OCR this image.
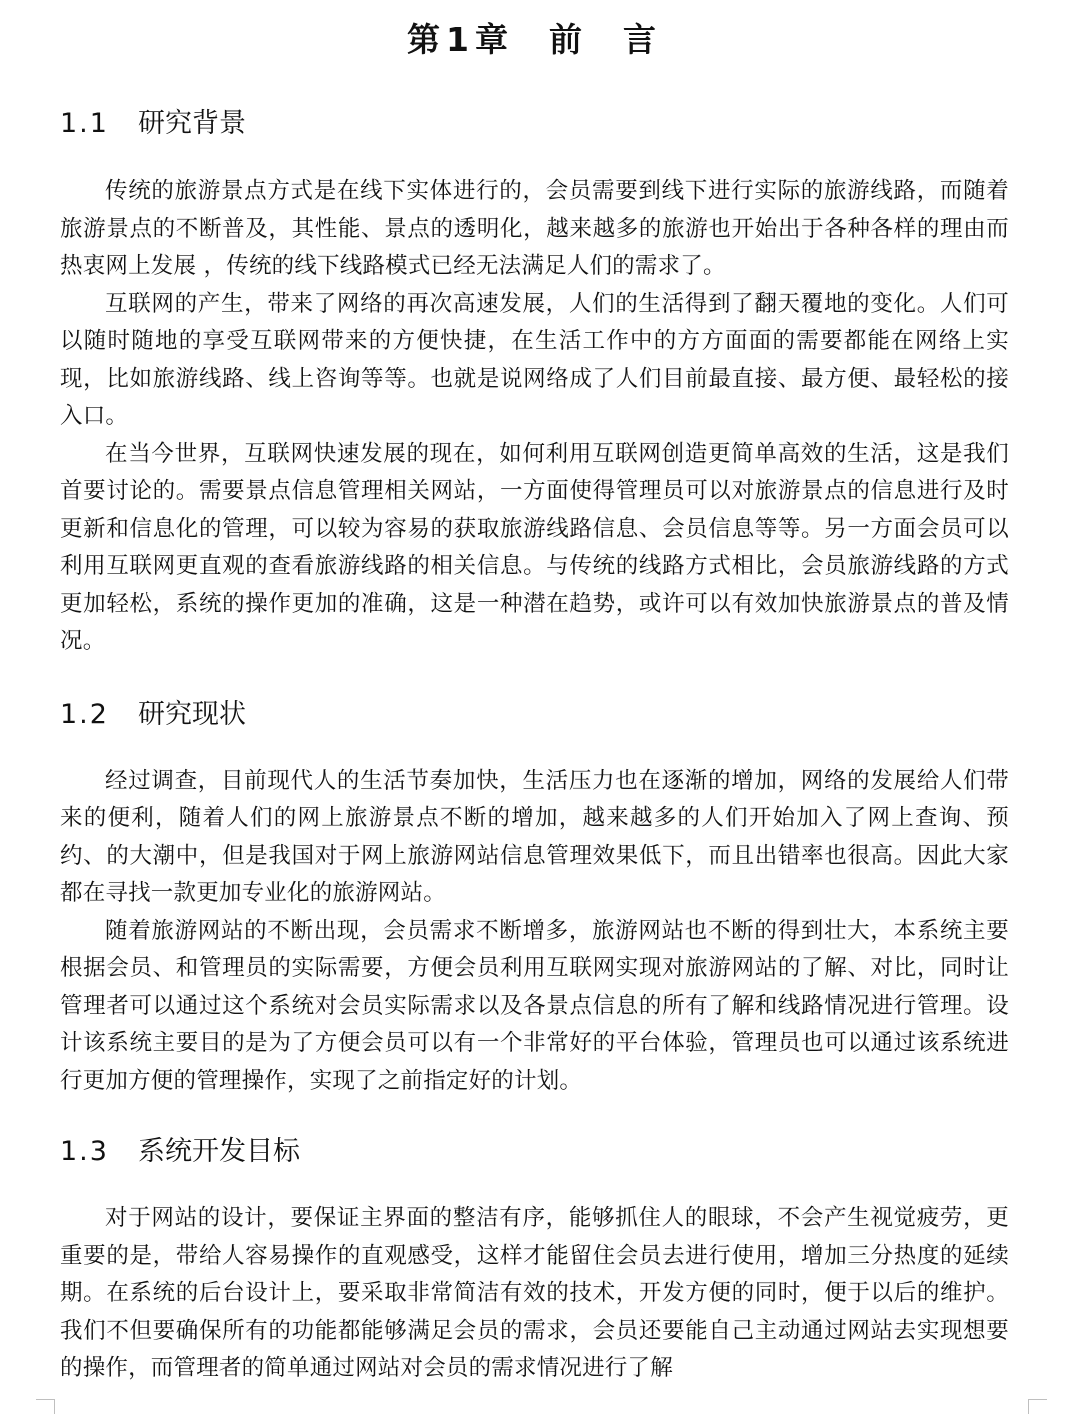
第1章  前  言
1.1	研究背景

传统的旅游景点方式是在线下实体进行的，会员需要到线下进行实际的旅游线路，而随着旅游景点的不断普及，其性能、景点的透明化，越来越多的旅游也开始出于各种各样的理由而热衷网上发展 ，传统的线下线路模式已经无法满足人们的需求了。

互联网的产生，带来了网络的再次高速发展，人们的生活得到了翻天覆地的变化。人们可以随时随地的享受互联网带来的方便快捷，在生活工作中的方方面面的需要都能在网络上实现，比如旅游线路、线上咨询等等。也就是说网络成了人们目前最直接、最方便、最轻松的接入口。

在当今世界，互联网快速发展的现在，如何利用互联网创造更简单高效的生活，这是我们首要讨论的。需要景点信息管理相关网站，一方面使得管理员可以对旅游景点的信息进行及时更新和信息化的管理，可以较为容易的获取旅游线路信息、会员信息等等。另一方面会员可以利用互联网更直观的查看旅游线路的相关信息。与传统的线路方式相比，会员旅游线路的方式更加轻松，系统的操作更加的准确，这是一种潜在趋势，或许可以有效加快旅游景点的普及情况。

1.2	研究现状

经过调查，目前现代人的生活节奏加快，生活压力也在逐渐的增加，网络的发展给人们带来的便利，随着人们的网上旅游景点不断的增加，越来越多的人们开始加入了网上查询、预约、的大潮中，但是我国对于网上旅游网站信息管理效果低下，而且出错率也很高。因此大家都在寻找一款更加专业化的旅游网站。

随着旅游网站的不断出现，会员需求不断增多，旅游网站也不断的得到壮大，本系统主要根据会员、和管理员的实际需要，方便会员利用互联网实现对旅游网站的了解、对比，同时让管理者可以通过这个系统对会员实际需求以及各景点信息的所有了解和线路情况进行管理。设计该系统主要目的是为了方便会员可以有一个非常好的平台体验，管理员也可以通过该系统进行更加方便的管理操作，实现了之前指定好的计划。

1.3	系统开发目标

对于网站的设计，要保证主界面的整洁有序，能够抓住人的眼球，不会产生视觉疲劳，更重要的是，带给人容易操作的直观感受，这样才能留住会员去进行使用，增加三分热度的延续期。在系统的后台设计上，要采取非常简洁有效的技术，开发方便的同时，便于以后的维护。我们不但要确保所有的功能都能够满足会员的需求，会员还要能自己主动通过网站去实现想要的操作，而管理者的简单通过网站对会员的需求情况进行了解
